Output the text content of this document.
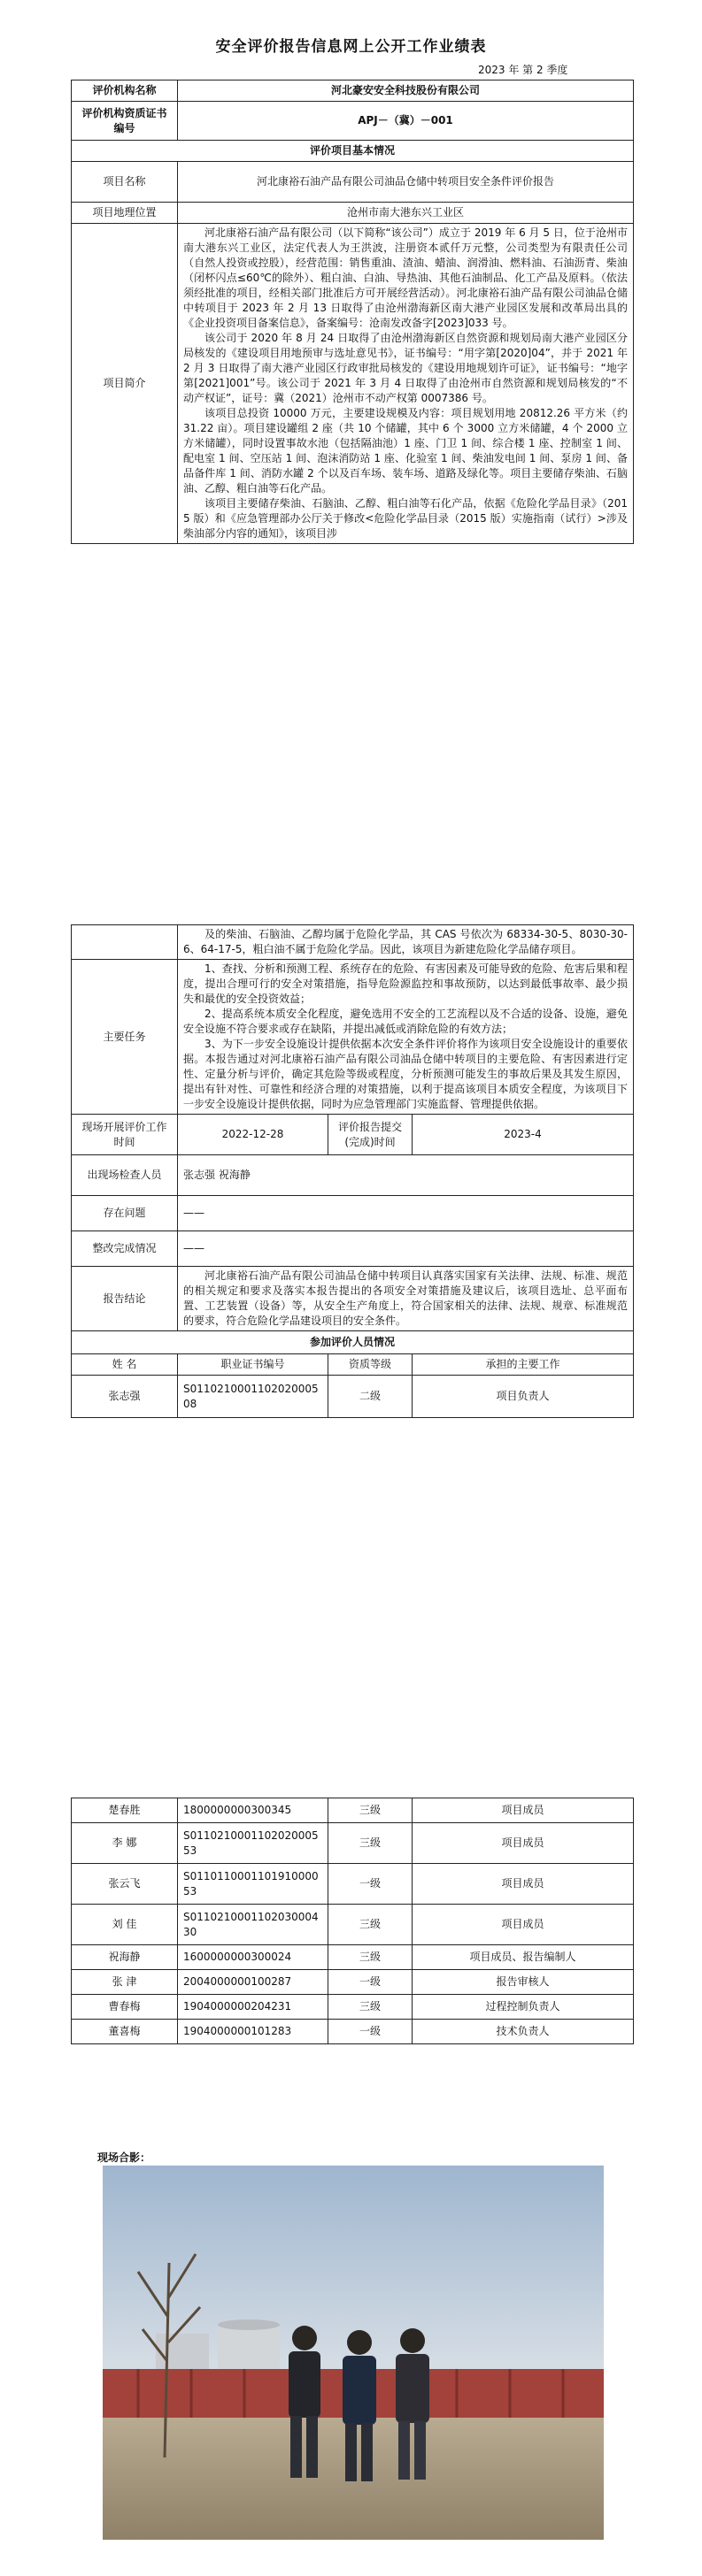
安全评价报告信息网上公开工作业绩表
2023 年 第 2 季度
评价机构名称	河北豪安安全科技股份有限公司
评价机构资质证书编号	APJ－（冀）－001
评价项目基本情况	
项目名称	河北康裕石油产品有限公司油品仓储中转项目安全条件评价报告
项目地理位置	沧州市南大港东兴工业区
项目简介	河北康裕石油产品有限公司（以下简称“该公司”）成立于 2019 年 6 月 5 日，位于沧州市南大港东兴工业区，法定代表人为王洪波，注册资本贰仟万元整，公司类型为有限责任公司（自然人投资或控股），经营范围：销售重油、渣油、蜡油、润滑油、燃料油、石油沥青、柴油（闭杯闪点≤60℃的除外）、粗白油、白油、导热油、其他石油制品、化工产品及原料。（依法须经批准的项目，经相关部门批准后方可开展经营活动）。河北康裕石油产品有限公司油品仓储中转项目于 2023 年 2 月 13 日取得了由沧州渤海新区南大港产业园区发展和改革局出具的《企业投资项目备案信息》，备案编号：沧南发改备字[2023]033 号。

该公司于 2020 年 8 月 24 日取得了由沧州渤海新区自然资源和规划局南大港产业园区分局核发的《建设项目用地预审与选址意见书》，证书编号：“用字第[2020]04”，并于 2021 年 2 月 3 日取得了南大港产业园区行政审批局核发的《建设用地规划许可证》，证书编号：“地字第[2021]001”号。该公司于 2021 年 3 月 4 日取得了由沧州市自然资源和规划局核发的“不动产权证”，证号：冀（2021）沧州市不动产权第 0007386 号。

该项目总投资 10000 万元，主要建设规模及内容：项目规划用地 20812.26 平方米（约 31.22 亩）。项目建设罐组 2 座（共 10 个储罐，其中 6 个 3000 立方米储罐，4 个 2000 立方米储罐），同时设置事故水池（包括隔油池）1 座、门卫 1 间、综合楼 1 座、控制室 1 间、配电室 1 间、空压站 1 间、泡沫消防站 1 座、化验室 1 间、柴油发电间 1 间、泵房 1 间、备品备件库 1 间、消防水罐 2 个以及百车场、装车场、道路及绿化等。项目主要储存柴油、石脑油、乙醇、粗白油等石化产品。

该项目主要储存柴油、石脑油、乙醇、粗白油等石化产品，依据《危险化学品目录》（2015 版）和《应急管理部办公厅关于修改<危险化学品目录（2015 版）实施指南（试行）>涉及柴油部分内容的通知》，该项目涉

	及的柴油、石脑油、乙醇均属于危险化学品，其 CAS 号依次为 68334-30-5、8030-30-6、64-17-5，粗白油不属于危险化学品。因此，该项目为新建危险化学品储存项目。		
主要任务	1、查找、分析和预测工程、系统存在的危险、有害因素及可能导致的危险、危害后果和程度，提出合理可行的安全对策措施，指导危险源监控和事故预防，以达到最低事故率、最少损失和最优的安全投资效益；

2、提高系统本质安全化程度，避免选用不安全的工艺流程以及不合适的设备、设施，避免安全设施不符合要求或存在缺陷，并提出减低或消除危险的有效方法；

3、为下一步安全设施设计提供依据本次安全条件评价将作为该项目安全设施设计的重要依据。本报告通过对河北康裕石油产品有限公司油品仓储中转项目的主要危险、有害因素进行定性、定量分析与评价，确定其危险等级或程度，分析预测可能发生的事故后果及其发生原因，提出有针对性、可靠性和经济合理的对策措施，以利于提高该项目本质安全程度，为该项目下一步安全设施设计提供依据，同时为应急管理部门实施监督、管理提供依据。		

现场开展评价工作时间	2022-12-28	评价报告提交(完成)时间	2023-4
出现场检查人员	张志强 祝海静		
存在问题	——		
整改完成情况	——		
报告结论	河北康裕石油产品有限公司油品仓储中转项目认真落实国家有关法律、法规、标准、规范的相关规定和要求及落实本报告提出的各项安全对策措施及建议后，该项目选址、总平面布置、工艺装置（设备）等，从安全生产角度上，符合国家相关的法律、法规、规章、标准规范的要求，符合危险化学品建设项目的安全条件。		
参加评价人员情况			
姓 名	职业证书编号	资质等级	承担的主要工作
张志强	S011021000110202000508	二级	项目负责人
楚春胜	1800000000300345	三级	项目成员
李 娜	S011021000110202000553	三级	项目成员
张云飞	S011011000110191000053	一级	项目成员
刘 佳	S011021000110203000430	三级	项目成员
祝海静	1600000000300024	三级	项目成员、报告编制人
张 津	2004000000100287	一级	报告审核人
曹春梅	1904000000204231	三级	过程控制负责人
董喜梅	1904000000101283	一级	技术负责人
现场合影：
